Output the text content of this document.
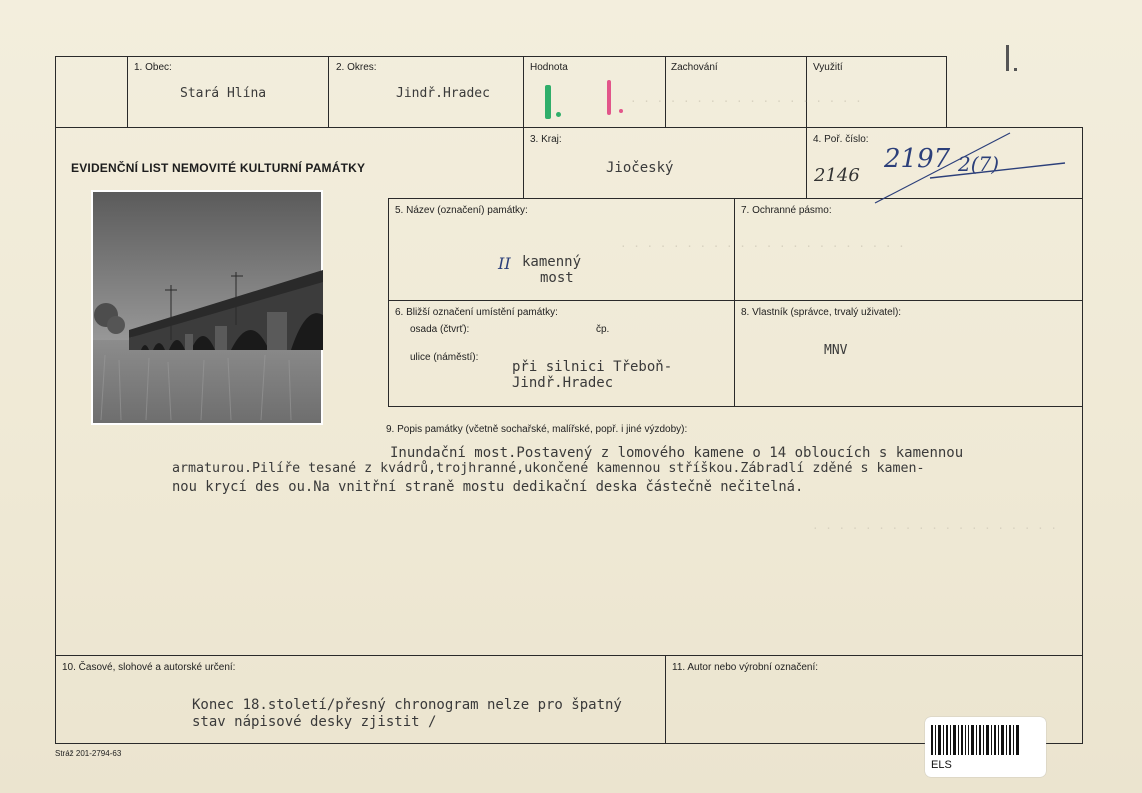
· · · · · · · · · · · · · · · · · ·
· · · · · · · · · · · · · · · · · · · · · ·
· · · · · · · · · · · · · · · · · · ·
1. Obec:
Stará Hlína
2. Okres:
Jindř.Hradec
Hodnota	Zachování	Využití
EVIDENČNÍ LIST NEMOVITÉ KULTURNÍ PAMÁTKY
3. Kraj:
Jiočeský
4. Poř. číslo:
2146
2197 2(7)
5. Název (označení) památky:
II kamenný
most
7. Ochranné pásmo:
6. Bližší označení umístění památky:
osada (čtvrť):	čp.
ulice (náměstí):
při silnici Třeboň-
Jindř.Hradec
8. Vlastník (správce, trvalý uživatel):
MNV
9. Popis památky (včetně sochařské, malířské, popř. i jiné výzdoby):
Inundační most.Postavený z lomového kamene o 14 obloucích s kamennou
armaturou.Pilíře tesané z kvádrů,trojhranné,ukončené kamennou stříškou.Zábradlí zděné s kamen-
nou krycí des ou.Na vnitřní straně mostu dedikační deska částečně nečitelná.
10. Časové, slohové a autorské určení:
Konec 18.století/přesný chronogram nelze pro špatný
stav nápisové desky zjistit /
11. Autor nebo výrobní označení:
Stráž 201-2794-63
ELS
